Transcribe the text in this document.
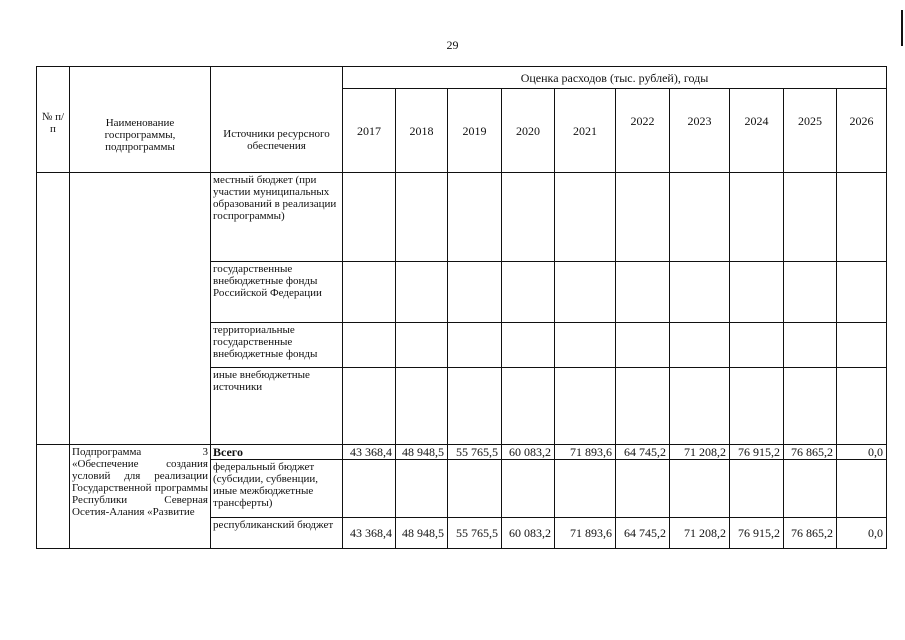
29
№ п/п	Наименование госпрограммы, подпрограммы	Источники ресурсного обеспечения	Оценка расходов (тыс. рублей), годы									
			2017	2018	2019	2020	2021	2022	2023	2024	2025	2026
		местный бюджет (при участии муниципальных образований в реализации госпрограммы)										
		государственные внебюджетные фонды Российской Федерации										
		территориальные государственные внебюджетные фонды										
		иные внебюджетные источники										
	Подпрограмма 3 «Обеспечение создания условий для реализации Государственной программы Республики Северная Осетия-Алания «Развитие	Всего	43 368,4	48 948,5	55 765,5	60 083,2	71 893,6	64 745,2	71 208,2	76 915,2	76 865,2	0,0
		федеральный бюджет (субсидии, субвенции, иные межбюджетные трансферты)										
		республиканский бюджет	43 368,4	48 948,5	55 765,5	60 083,2	71 893,6	64 745,2	71 208,2	76 915,2	76 865,2	0,0
